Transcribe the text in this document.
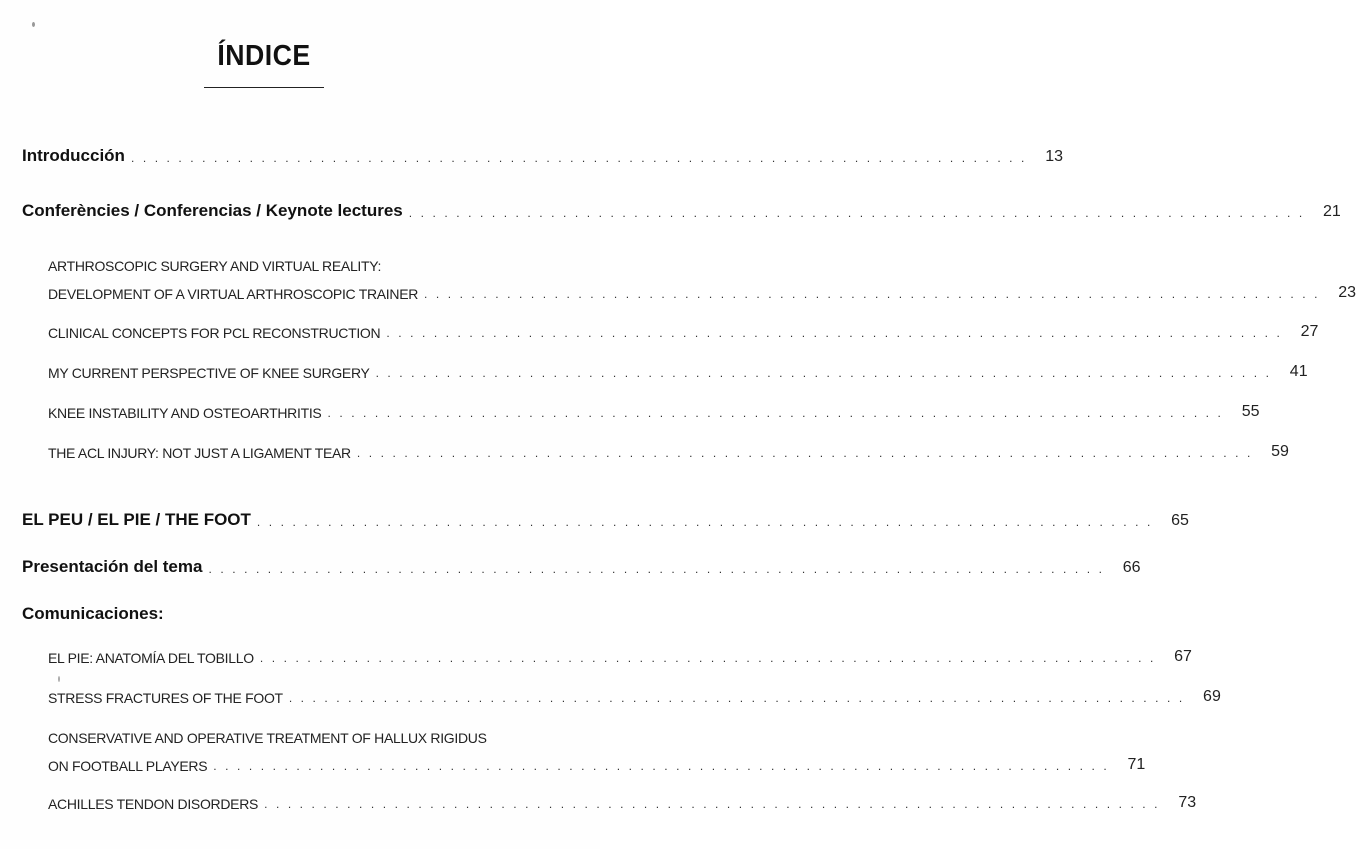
ÍNDICE
Introducción . . . . . . . . . . . . . . . . . . . . . . . . . . . . . . . . . . . . . . . . . . . . . . . . . . . . . . . . . . . . . . . . . . . . . . . . . . . .	13
Conferències / Conferencias / Keynote lectures . . . . . . . . . . . . . . . . . . . . . . . . . . . . . . . . . . . . . . . . . . . . . . . . . . . . . . . . . . . . . . . . . . . . . . . . . . . .	21
ARTHROSCOPIC SURGERY AND VIRTUAL REALITY:
DEVELOPMENT OF A VIRTUAL ARTHROSCOPIC TRAINER . . . . . . . . . . . . . . . . . . . . . . . . . . . . . . . . . . . . . . . . . . . . . . . . . . . . . . . . . . . . . . . . . . . . . . . . . . . .	23
CLINICAL CONCEPTS FOR PCL RECONSTRUCTION . . . . . . . . . . . . . . . . . . . . . . . . . . . . . . . . . . . . . . . . . . . . . . . . . . . . . . . . . . . . . . . . . . . . . . . . . . . .	27
MY CURRENT PERSPECTIVE OF KNEE SURGERY . . . . . . . . . . . . . . . . . . . . . . . . . . . . . . . . . . . . . . . . . . . . . . . . . . . . . . . . . . . . . . . . . . . . . . . . . . . .	41
KNEE INSTABILITY AND OSTEOARTHRITIS . . . . . . . . . . . . . . . . . . . . . . . . . . . . . . . . . . . . . . . . . . . . . . . . . . . . . . . . . . . . . . . . . . . . . . . . . . . .	55
THE ACL INJURY: NOT JUST A LIGAMENT TEAR . . . . . . . . . . . . . . . . . . . . . . . . . . . . . . . . . . . . . . . . . . . . . . . . . . . . . . . . . . . . . . . . . . . . . . . . . . . .	59
EL PEU / EL PIE / THE FOOT . . . . . . . . . . . . . . . . . . . . . . . . . . . . . . . . . . . . . . . . . . . . . . . . . . . . . . . . . . . . . . . . . . . . . . . . . . . .	65
Presentación del tema . . . . . . . . . . . . . . . . . . . . . . . . . . . . . . . . . . . . . . . . . . . . . . . . . . . . . . . . . . . . . . . . . . . . . . . . . . . .	66
Comunicaciones:
EL PIE: ANATOMÍA DEL TOBILLO . . . . . . . . . . . . . . . . . . . . . . . . . . . . . . . . . . . . . . . . . . . . . . . . . . . . . . . . . . . . . . . . . . . . . . . . . . . .	67
STRESS FRACTURES OF THE FOOT . . . . . . . . . . . . . . . . . . . . . . . . . . . . . . . . . . . . . . . . . . . . . . . . . . . . . . . . . . . . . . . . . . . . . . . . . . . .	69
CONSERVATIVE AND OPERATIVE TREATMENT OF HALLUX RIGIDUS
ON FOOTBALL PLAYERS . . . . . . . . . . . . . . . . . . . . . . . . . . . . . . . . . . . . . . . . . . . . . . . . . . . . . . . . . . . . . . . . . . . . . . . . . . . .	71
ACHILLES TENDON DISORDERS . . . . . . . . . . . . . . . . . . . . . . . . . . . . . . . . . . . . . . . . . . . . . . . . . . . . . . . . . . . . . . . . . . . . . . . . . . . .	73
